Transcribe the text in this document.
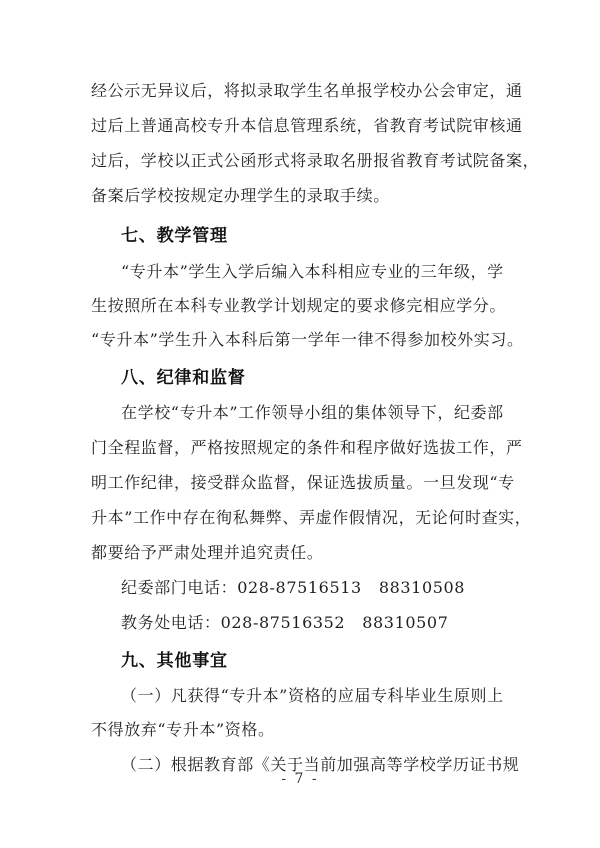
经公示无异议后，将拟录取学生名单报学校办公会审定，通
过后上普通高校专升本信息管理系统，省教育考试院审核通
过后，学校以正式公函形式将录取名册报省教育考试院备案，
备案后学校按规定办理学生的录取手续。
七、教学管理
“专升本”学生入学后编入本科相应专业的三年级，学
生按照所在本科专业教学计划规定的要求修完相应学分。
“专升本”学生升入本科后第一学年一律不得参加校外实习。
八、纪律和监督
在学校“专升本”工作领导小组的集体领导下，纪委部
门全程监督，严格按照规定的条件和程序做好选拔工作，严
明工作纪律，接受群众监督，保证选拔质量。一旦发现“专
升本”工作中存在徇私舞弊、弄虚作假情况，无论何时查实，
都要给予严肃处理并追究责任。
纪委部门电话：028-87516513   88310508
教务处电话：028-87516352   88310507
九、其他事宜
（一）凡获得“专升本”资格的应届专科毕业生原则上
不得放弃“专升本”资格。
（二）根据教育部《关于当前加强高等学校学历证书规
- 7 -
